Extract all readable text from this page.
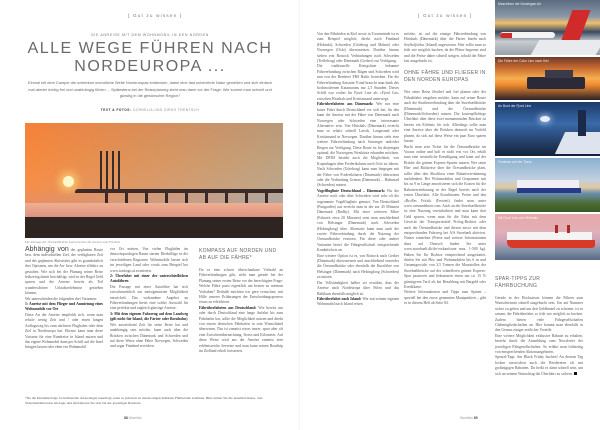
[ Gut zu wissen ]
DIE ANREISE MIT DEM WOHNMOBIL IN DEN NORDEN
ALLE WEGE FÜHREN NACH NORDEUROPA ...
Einmal mit dem Camper die scheinbar unendliche Weite Nordeuropas entdecken, dabei eine fast unberührte Natur genießen und sich einfach mal wieder richtig frei und unabhängig fühlen ... Spätestens bei der Reiseplanung steht man dann vor der Frage: Wie kommt man schnell und günstig in die gewünschte Region?
TEXT & FOTOS: CORNELIA UND SIRKO TRENTSCH
Die Passage der Öresundbrücke macht bereits die Anreise zum Erlebnis

Abhängig von der geplanten Route bzw. dem individuellen Ziel, der verfügbaren Zeit und des geplanten Aktivitätes gibt es grundsätzlich drei Optionen, um die An- bzw. Abreise effektiv zu gestalten. Wie sich bei der Planung seiner Reise frühzeitig damit beschäftigt, wird in der Regel Geld sparen und die Anreise bereits als Teil wunderschöner Urlaubserlebnisse genießen können.

Wir unterscheiden die folgenden drei Varianten:

1: Anreise mit dem Flieger und Anmietung eines Wohnmobils vor Ort

Diese Art der Anreise empfiehlt sich, wenn man relativ wenig Zeit und / oder einen langen Anflugsweg bis zum nächsten Flughafen oder dem Ziel in Nordeuropa hat. Ebenso kann man diese Variante für eine Rundreise in Island nutzen und das eigene Wohnmobil dann per Schiff auf die Insel bringen lassen oder eben ein Wohnmobil

vor Ort mieten. Von vielen Flughäfen im deutschsprachigen Raum starten Direktflüge in die verschiedenen Regionen. Wohnmobile lassen sich im jeweiligen Land oder vorab zum Beispiel bei www.tonitogo.at.eu mieten.

2: Überfahrt mit einer der unterschiedlichen Autofähren

Die Passage mit einer Autofähre hat sich zwischenzeitlich zur meistgenutzten Möglichkeit entwickelt. Das vorhandene Angebot an Fährverbindungen bietet eine solche Auswahl für eine perfekte und zugleich günstige Anreise.

3: Mit dem eigenen Fahrzeug auf dem Landweg (gilt nicht für Island, die Färöer oder Bornholm)

Wer ausreichend Zeit für seine Reise hat und unabhängig sein möchte, kann auch über die Brücken zwischen Dänemark und Schweden und auf diese Weise ohne Fähre Norwegen, Schweden und sogar Finnland erreichen.

KOMPASS AUF NORDEN UND AB AUF DIE FÄHRE*

Da es eine schwer überschaubare Vielzahl an Fährverbindungen gibt, steht man gerade bei der Planung seiner ersten Reise vor der berechtigten Frage: Welche Fähre passt eigentlich am besten zu meinem Vorhaben? Deshalb möchten wir gern versuchen, mit Hilfe unserer Erfahrungen der Entscheidungsprozess etwas zu erleichtern.

Fährüberfahrten aus Deutschland: Wie bereits aus oder durch Deutschland eine lange Anfahrt bis zum Fährhafen hat, sollte die Möglichkeit nutzen und direkt von einem deutschen Fährhafen in sein Wunschland übersetzen. Das ist zumeist etwas teurer, spart aber oft eine Zwischenübernachtung, Stress und Kilometer. Auf diese Weise wird aus der Anreise zumeist eine erlebnisreiche Seereise und man kann seinen Roadtrip im Zielland erholt fortsetzen.

*Da die Pandemiefolge fortwährenden Änderungen unterliegt, kann es jederzeit zu einem eingeschränkten Fährbetrieb kommen. Bitte halten Sie die aktuellen Reise- und Sicherheitshinweise im Auge und informieren Sie sich bei der jeweiligen Reederei.
88 Womöbs
[ Gut zu wissen ]

Von den Fährhäfen in Kiel sowie in Travemünde ist es zum Beispiel möglich, direkt nach Finnland (Helsinki), Schweden (Göteborg und Malmö) oder Norwegen (Oslo) überzusetzen. Darüber hinaus stehen von Rostock Verbindungen nach Schweden (Trelleborg) oder Dänemark (Gedser) zur Verfügung.

Die traditionelle Königslinie bekannte Fährverbindung zwischen Rügen und Schweden wird nun von der Reederei FRS Baltic betrieben. Für die Fährverbindung Sassnitz-Ystad braucht man dank des hochmodernen Katamarans nur 2,5 Stunden. Dieses Schiff war vorher für Fjord Line als »Fjord Cat« zwischen Hirtshals und Kristiansand unterwegs.

Fährüberfahrten aus Dänemark: Wer nur eine kurze Fahrt durch Deutschland vor sich hat, für den kann die Anreise mit der Fähre von Dänemark nach Norwegen oder Schweden eine interessante Alternative sein. Von Hirtshals (Dänemark) erreicht man so relativ schnell Larvik, Langesund oder Kristiansand in Norwegen. Darüber hinaus steht eine weitere Fährverbindung nach Stavanger und/oder Bergen zur Verfügung. Diese Route ist für diejenigen optimal, die Norwegens Westküste erkunden möchten. Mit DFDS besteht auch die Möglichkeit, von Kopenhagen über Frederikshavn nach Oslo zu fahren. Nach Schweden (Göteborg) kann man hingegen mit der Fähre von Frederikshavn (Dänemark) übersetzen oder die Verbindung Grenaa (Dänemark) – Halmstad (Schweden) nutzen.

Vogelfluglinie Deutschland – Dänemark: Für die Anreise nach oder über Schweden wird sehr oft die sogenannte Vogelfluglinie genutzt. Von Deutschland (Puttgarden) aus erreicht man in der zur 45 Minuten Dänemark (Rødby). Mit einer weiteren Fähre (Fahrzeit etwa 20 Minuten) setzt man anschließend von Helsingør (Dänemark) nach Schweden (Helsingborg) über. Alternativ kann man auch die zweite Fährverbindung durch die Nutzung der Öresundbrücke ersetzen. Für diese oder andere Varianten bietet die Fährgesellschaft entsprechende Kombitickets an.

Eine weitere Option ist es, von Rostock nach Gedser (Dänemark) überzusetzen und anschließend entweder die Öresundbrücke oder ebenfalls die Kurzfähre von Helsingør (Dänemark) nach Helsingborg (Schweden) zu nutzen.

Der Vollständigkeit halber sei erwähnt, dass die Anreise nach Nordeuropa über Polen und das Baltikum ebenfalls möglich ist.

Fährüberfahrt nach Island: Wer mit seinem eigenen Wohnmobil nach Island reisen

möchte, ist auf die einzige Fährverbindung von Hirtshals (Dänemark) über die Färöer Inseln nach Seyðisfjörður (Island) angewiesen. Hier sollte man so früh wie möglich buchen, da die Plätze begrenzt sind und die Preise daher schnell steigen, sobald die Fähre fast ausgebucht ist.

OHNE FÄHRE UND FLIEGER IN DEN NORDEN EUROPAS

Wer seine Reise flexibel und frei planen oder der Fährabfahrt entgehen möchte, kann auf seiner Route auch die Straßenverbindung über die Storebæltbrücke (Dänemark) und die Öresundbrücke (Dänemark/Schweden) nutzen. Die kostenpflichtige Überfahrt über diese zwei monumentalen Brücken ist bereits ein Erlebnis für sich. Allerdings sollte man eine Anreise über die Brücken dennoch im Vorfeld planen, da sich auf diese Weise ein paar Euro sparen lassen.

Bucht man sein Ticket für die Öresundbrücke im Voraus online und holt es nicht erst vor Ort, erhält man eine wesentliche Ermäßigung und kann auf der Brücke die grünen Express-Spuren nutzen. Wer seine Hin- und Rückreise über die Öresundbrücke plant, sollte über den Abschluss einer Rabattvereinbarung nachdenken. Bei Wohnmobilen und Gespannen mit bis zu 9 m Länge amortisieren sich die Kosten für die Rabattvereinbarung in der Regel bereits nach der ersten Überfahrt. Alle Konditionen, Preise und den »BroPas Fritid« (Freizeit) findet man unter www.oresundsbron.com. Auch an der Storebæltbrücke ist eine Nutzung vereinfachten und man kann dort Geld sparen, wenn man für die Fahrt mit dem Gewicht der Transportmittel Prolog-Brobizz oder auch der Öresundbrücke und diesen zuvor mit dem entsprechenden Fahrweg bei A/S Storebælt aktiviert. Nutzer einziehen (Preise und weitere Informationen dazu auf Deutsch finden Sie unter www.storebaelt.dk/de/vorkaufsrate max. 1-500 kg). Haben Sie Ihr Brobizz entsprechend ausgestattet, dürfen Sie mit Pkw und Wohnmobilen bis 6 m und Gesamtgewicht von 3,5 Tonnen die Mautstellen der Storebæltbrücke auf der schnelleren grünen Express-Spur passieren und bekommen einen um ca. 15 % günstigeren Tarif als bei Bezahlung mit Bargeld oder Kreditkarte.

Weitere Informationen und Tipps zum Sparen – speziell bei den zuvor genannten Mautpunkten – gibt es in diesem Heft ab Seite 84.

Womöbs 89
Maschinen der Norwegian Air
Die Fähre der Color Line nach Kiel
An Bord der Fjord Line
Finnlines auf der Trave
Mit Fjord Line von Hirtshals
SPAR-TIPPS ZUR FÄHRBUCHUNG

Gerade in der Hochsaison können die Fähren zum Wunschtermin schnell ausgebucht sein. Um auf Nummer sicher zu gehen und um den Geldbeutel zu schonen, ist es ratsam, die Fährüberfahrt so früh wie möglich zu buchen. Zudem bieten viele Fährgesellschaften Clubmitgliedschaften an. Hier kommt man ebenfalls in den Genuss einiger zeitlicher Vorteile.

Eine weitere Möglichkeit exklusive Rabatte zu erhalten, besteht durch die Anmeldung zum Newsletter der jeweiligen Fährgesellschaften. So erfährt man frühzeitig von entsprechenden Aktionsangeboten.

Spezial-Tipp: Am Black Friday buchen! An diesem Tag locken inzwischen auch die Reedereien oft mit großzügigen Rabatten. Da heißt es dann schnell sein, um sich an seinem Wunschtag die Überfahrt zu sichern.
